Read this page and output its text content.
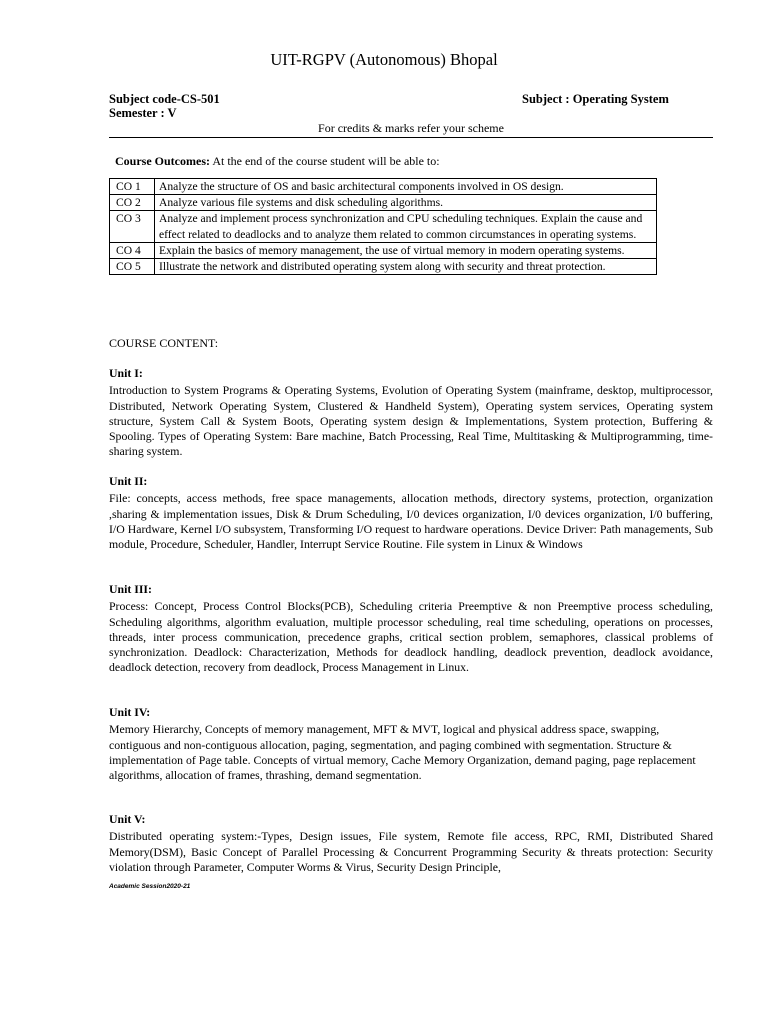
UIT-RGPV (Autonomous) Bhopal
Subject code-CS-501	Subject : Operating System
Semester : V
For credits & marks refer your scheme
Course Outcomes: At the end of the course student will be able to:
CO 1	Analyze the structure of OS and basic architectural components involved in OS design.
CO 2	Analyze various file systems and disk scheduling algorithms.
CO 3	Analyze and implement process synchronization and CPU scheduling techniques. Explain the cause and effect related to deadlocks and to analyze them related to common circumstances in operating systems.
CO 4	Explain the basics of memory management, the use of virtual memory in modern operating systems.
CO 5	Illustrate the network and distributed operating system along with security and threat protection.
COURSE CONTENT:
Unit I:

Introduction to System Programs & Operating Systems, Evolution of Operating System (mainframe, desktop, multiprocessor, Distributed, Network Operating System, Clustered & Handheld System), Operating system services, Operating system structure, System Call & System Boots, Operating system design & Implementations, System protection, Buffering & Spooling. Types of Operating System: Bare machine, Batch Processing, Real Time, Multitasking & Multiprogramming, time-sharing system.

Unit II:

File: concepts, access methods, free space managements, allocation methods, directory systems, protection, organization ,sharing & implementation issues, Disk & Drum Scheduling, I/0 devices organization, I/0 devices organization, I/0 buffering, I/O Hardware, Kernel I/O subsystem, Transforming I/O request to hardware operations. Device Driver: Path managements, Sub module, Procedure, Scheduler, Handler, Interrupt Service Routine. File system in Linux & Windows

Unit III:

Process: Concept, Process Control Blocks(PCB), Scheduling criteria Preemptive & non Preemptive process scheduling, Scheduling algorithms, algorithm evaluation, multiple processor scheduling, real time scheduling, operations on processes, threads, inter process communication, precedence graphs, critical section problem, semaphores, classical problems of synchronization. Deadlock: Characterization, Methods for deadlock handling, deadlock prevention, deadlock avoidance, deadlock detection, recovery from deadlock, Process Management in Linux.

Unit IV:

Memory Hierarchy, Concepts of memory management, MFT & MVT, logical and physical address space, swapping, contiguous and non-contiguous allocation, paging, segmentation, and paging combined with segmentation. Structure & implementation of Page table. Concepts of virtual memory, Cache Memory Organization, demand paging, page replacement algorithms, allocation of frames, thrashing, demand segmentation.

Unit V:

Distributed operating system:-Types, Design issues, File system, Remote file access, RPC, RMI, Distributed Shared Memory(DSM), Basic Concept of Parallel Processing & Concurrent Programming Security & threats protection: Security violation through Parameter, Computer Worms & Virus, Security Design Principle,

Academic Session2020-21
